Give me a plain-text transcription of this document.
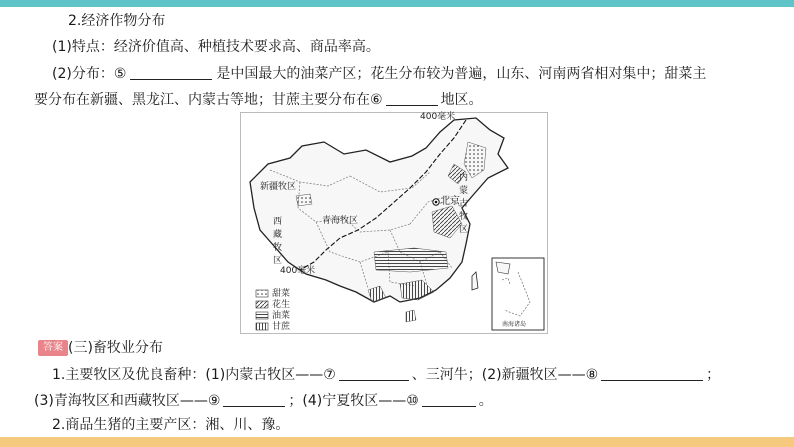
2.经济作物分布
(1)特点：经济价值高、种植技术要求高、商品率高。
(2)分布：⑤	是中国最大的油菜产区；花生分布较为普遍，山东、河南两省相对集中；甜菜主
要分布在新疆、黑龙江、内蒙古等地；甘蔗主要分布在⑥	地区。
400毫米
400毫米
新疆牧区
青海牧区
西藏牧区
内蒙古牧区
北京
甜菜
花生
油菜
甘蔗	南海诸岛
答案 (三)畜牧业分布
1.主要牧区及优良畜种：(1)内蒙古牧区——⑦	、三河牛；(2)新疆牧区——⑧	；
(3)青海牧区和西藏牧区——⑨	；(4)宁夏牧区——⑩	。
2.商品生猪的主要产区：湘、川、豫。
